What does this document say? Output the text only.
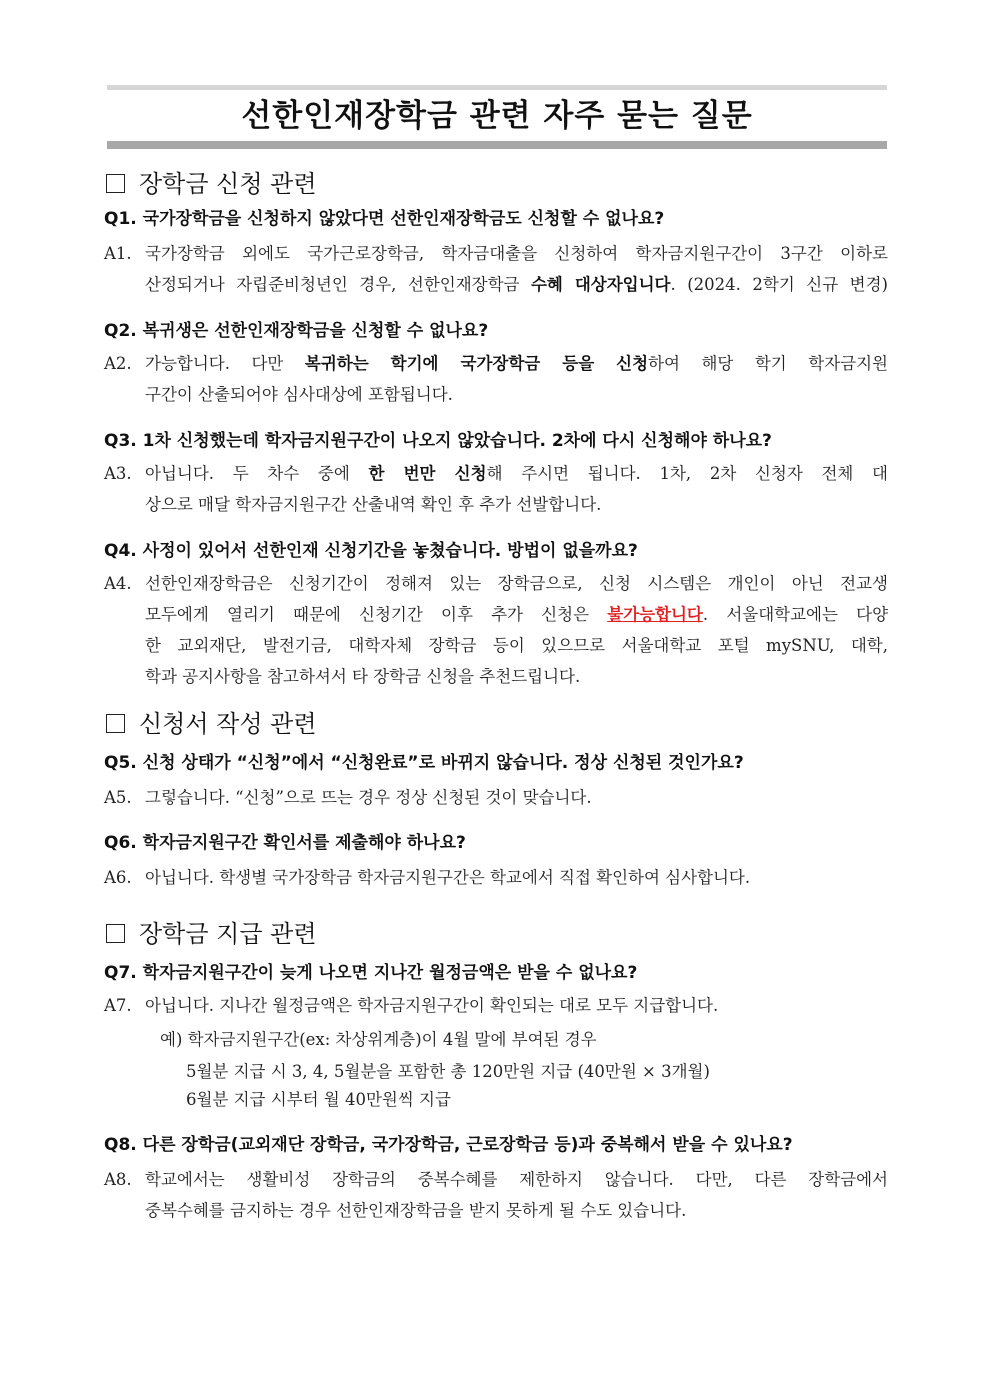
선한인재장학금 관련 자주 묻는 질문
장학금 신청 관련
Q1. 국가장학금을 신청하지 않았다면 선한인재장학금도 신청할 수 없나요?
A1. 국가장학금 외에도 국가근로장학금, 학자금대출을 신청하여 학자금지원구간이 3구간 이하로
산정되거나 자립준비청년인 경우, 선한인재장학금 수혜 대상자입니다. (2024. 2학기 신규 변경)
Q2. 복귀생은 선한인재장학금을 신청할 수 없나요?
A2. 가능합니다. 다만 복귀하는 학기에 국가장학금 등을 신청하여 해당 학기 학자금지원
구간이 산출되어야 심사대상에 포함됩니다.
Q3. 1차 신청했는데 학자금지원구간이 나오지 않았습니다. 2차에 다시 신청해야 하나요?
A3. 아닙니다. 두 차수 중에 한 번만 신청해 주시면 됩니다. 1차, 2차 신청자 전체 대
상으로 매달 학자금지원구간 산출내역 확인 후 추가 선발합니다.
Q4. 사정이 있어서 선한인재 신청기간을 놓쳤습니다. 방법이 없을까요?
A4. 선한인재장학금은 신청기간이 정해져 있는 장학금으로, 신청 시스템은 개인이 아닌 전교생
모두에게 열리기 때문에 신청기간 이후 추가 신청은 불가능합니다. 서울대학교에는 다양
한 교외재단, 발전기금, 대학자체 장학금 등이 있으므로 서울대학교 포털 mySNU, 대학,
학과 공지사항을 참고하셔서 타 장학금 신청을 추천드립니다.
신청서 작성 관련
Q5. 신청 상태가 “신청”에서 “신청완료”로 바뀌지 않습니다. 정상 신청된 것인가요?
A5. 그렇습니다. “신청”으로 뜨는 경우 정상 신청된 것이 맞습니다.
Q6. 학자금지원구간 확인서를 제출해야 하나요?
A6. 아닙니다. 학생별 국가장학금 학자금지원구간은 학교에서 직접 확인하여 심사합니다.
장학금 지급 관련
Q7. 학자금지원구간이 늦게 나오면 지나간 월정금액은 받을 수 없나요?
A7. 아닙니다. 지나간 월정금액은 학자금지원구간이 확인되는 대로 모두 지급합니다.
예) 학자금지원구간(ex: 차상위계층)이 4월 말에 부여된 경우
5월분 지급 시 3, 4, 5월분을 포함한 총 120만원 지급 (40만원 × 3개월)
6월분 지급 시부터 월 40만원씩 지급
Q8. 다른 장학금(교외재단 장학금, 국가장학금, 근로장학금 등)과 중복해서 받을 수 있나요?
A8. 학교에서는 생활비성 장학금의 중복수혜를 제한하지 않습니다. 다만, 다른 장학금에서
중복수혜를 금지하는 경우 선한인재장학금을 받지 못하게 될 수도 있습니다.
